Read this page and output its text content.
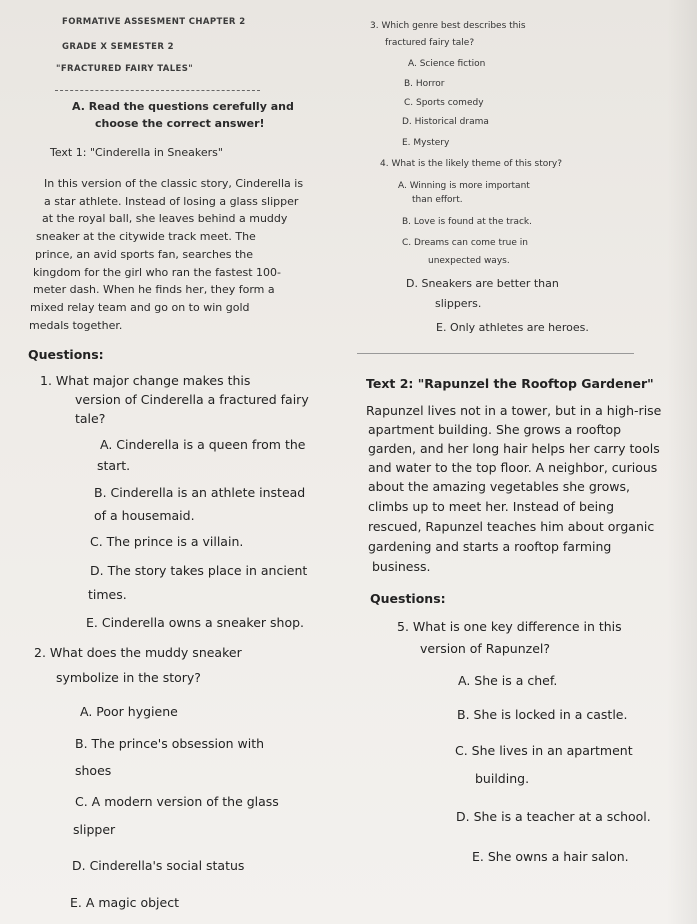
FORMATIVE ASSESMENT CHAPTER 2
GRADE X SEMESTER 2
"FRACTURED FAIRY TALES"
A. Read the questions cerefully and
choose the correct answer!
Text 1: "Cinderella in Sneakers"
In this version of the classic story, Cinderella is
a star athlete. Instead of losing a glass slipper
at the royal ball, she leaves behind a muddy
sneaker at the citywide track meet. The
prince, an avid sports fan, searches the
kingdom for the girl who ran the fastest 100-
meter dash. When he finds her, they form a
mixed relay team and go on to win gold
medals together.
Questions:
1. What major change makes this
version of Cinderella a fractured fairy
tale?
A. Cinderella is a queen from the
start.
B. Cinderella is an athlete instead
of a housemaid.
C. The prince is a villain.
D. The story takes place in ancient
times.
E. Cinderella owns a sneaker shop.
2. What does the muddy sneaker
symbolize in the story?
A. Poor hygiene
B. The prince's obsession with
shoes
C. A modern version of the glass
slipper
D. Cinderella's social status
E. A magic object
3. Which genre best describes this
fractured fairy tale?
A. Science fiction
B. Horror
C. Sports comedy
D. Historical drama
E. Mystery
4. What is the likely theme of this story?
A. Winning is more important
than effort.
B. Love is found at the track.
C. Dreams can come true in
unexpected ways.
D. Sneakers are better than
slippers.
E. Only athletes are heroes.
Text 2: "Rapunzel the Rooftop Gardener"
Rapunzel lives not in a tower, but in a high-rise
apartment building. She grows a rooftop
garden, and her long hair helps her carry tools
and water to the top floor. A neighbor, curious
about the amazing vegetables she grows,
climbs up to meet her. Instead of being
rescued, Rapunzel teaches him about organic
gardening and starts a rooftop farming
business.
Questions:
5. What is one key difference in this
version of Rapunzel?
A. She is a chef.
B. She is locked in a castle.
C. She lives in an apartment
building.
D. She is a teacher at a school.
E. She owns a hair salon.
